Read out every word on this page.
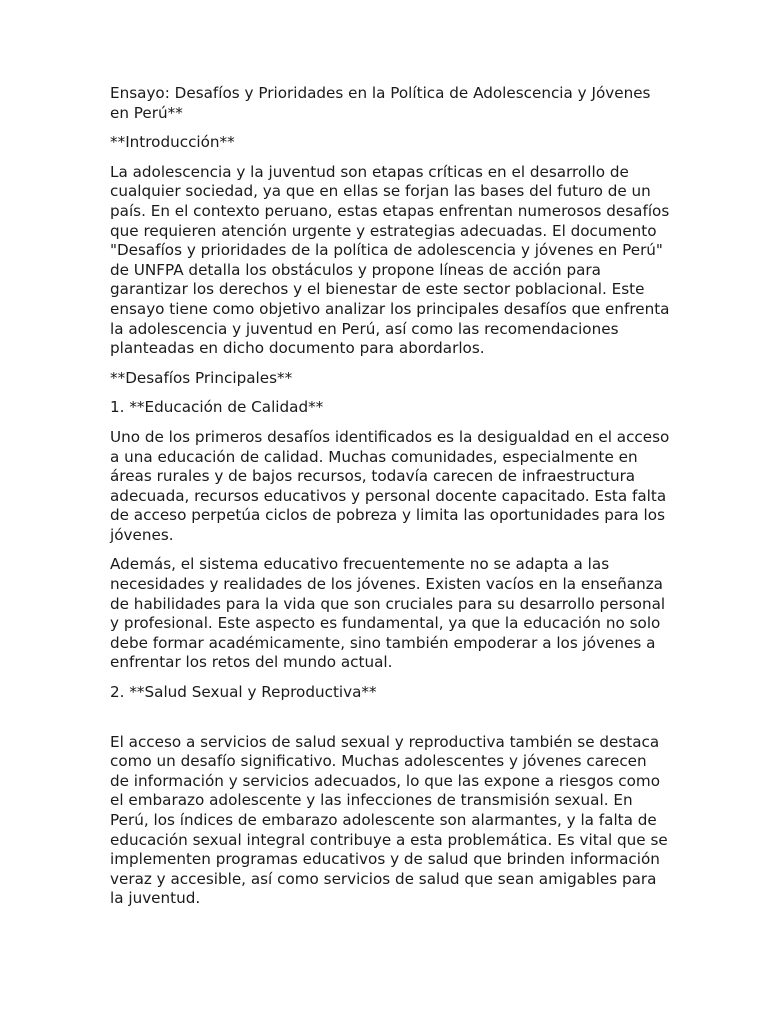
Ensayo: Desafíos y Prioridades en la Política de Adolescencia y Jóvenes en Perú**

**Introducción**

La adolescencia y la juventud son etapas críticas en el desarrollo de cualquier sociedad, ya que en ellas se forjan las bases del futuro de un país. En el contexto peruano, estas etapas enfrentan numerosos desafíos que requieren atención urgente y estrategias adecuadas. El documento "Desafíos y prioridades de la política de adolescencia y jóvenes en Perú" de UNFPA detalla los obstáculos y propone líneas de acción para garantizar los derechos y el bienestar de este sector poblacional. Este ensayo tiene como objetivo analizar los principales desafíos que enfrenta la adolescencia y juventud en Perú, así como las recomendaciones planteadas en dicho documento para abordarlos.

**Desafíos Principales**

1. **Educación de Calidad**

Uno de los primeros desafíos identificados es la desigualdad en el acceso a una educación de calidad. Muchas comunidades, especialmente en áreas rurales y de bajos recursos, todavía carecen de infraestructura adecuada, recursos educativos y personal docente capacitado. Esta falta de acceso perpetúa ciclos de pobreza y limita las oportunidades para los jóvenes.

Además, el sistema educativo frecuentemente no se adapta a las necesidades y realidades de los jóvenes. Existen vacíos en la enseñanza de habilidades para la vida que son cruciales para su desarrollo personal y profesional. Este aspecto es fundamental, ya que la educación no solo debe formar académicamente, sino también empoderar a los jóvenes a enfrentar los retos del mundo actual.

2. **Salud Sexual y Reproductiva**

El acceso a servicios de salud sexual y reproductiva también se destaca como un desafío significativo. Muchas adolescentes y jóvenes carecen de información y servicios adecuados, lo que las expone a riesgos como el embarazo adolescente y las infecciones de transmisión sexual. En Perú, los índices de embarazo adolescente son alarmantes, y la falta de educación sexual integral contribuye a esta problemática. Es vital que se implementen programas educativos y de salud que brinden información veraz y accesible, así como servicios de salud que sean amigables para la juventud.
